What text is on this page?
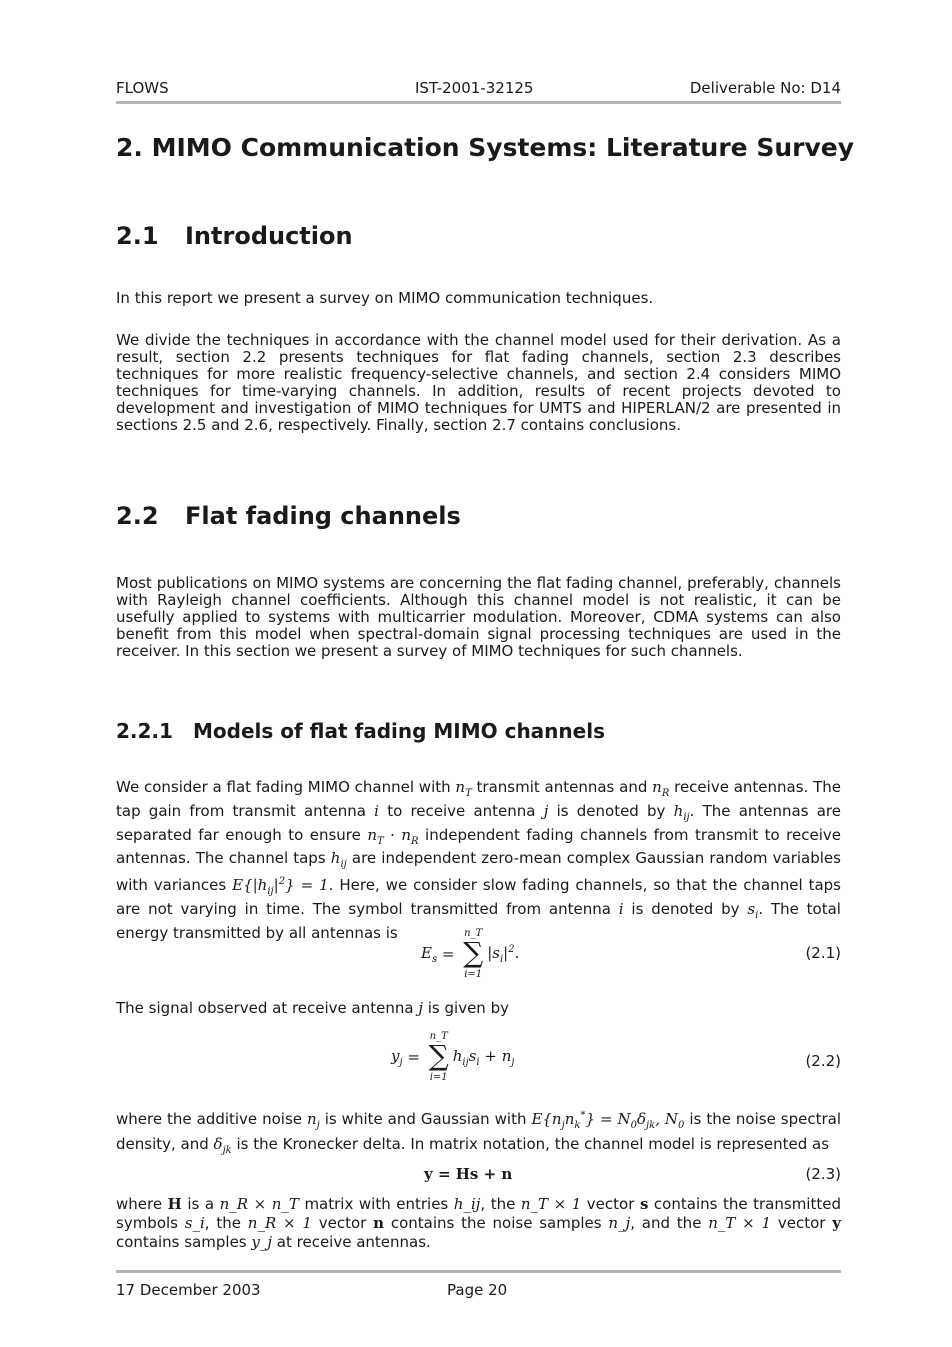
FLOWS	IST-2001-32125	Deliverable No: D14
2. MIMO Communication Systems: Literature Survey
2.1 Introduction

In this report we present a survey on MIMO communication techniques.

We divide the techniques in accordance with the channel model used for their derivation. As a result, section 2.2 presents techniques for flat fading channels, section 2.3 describes techniques for more realistic frequency-selective channels, and section 2.4 considers MIMO techniques for time-varying channels. In addition, results of recent projects devoted to development and investigation of MIMO techniques for UMTS and HIPERLAN/2 are presented in sections 2.5 and 2.6, respectively. Finally, section 2.7 contains conclusions.

2.2 Flat fading channels

Most publications on MIMO systems are concerning the flat fading channel, preferably, channels with Rayleigh channel coefficients. Although this channel model is not realistic, it can be usefully applied to systems with multicarrier modulation. Moreover, CDMA systems can also benefit from this model when spectral-domain signal processing techniques are used in the receiver. In this section we present a survey of MIMO techniques for such channels.

2.2.1 Models of flat fading MIMO channels

We consider a flat fading MIMO channel with $n_T$ transmit antennas and $n_R$ receive antennas. The tap gain from transmit antenna i to receive antenna j is denoted by $h_{ij}$. The antennas are separated far enough to ensure $n_T \cdot n_R$ independent fading channels from transmit to receive antennas. The channel taps $h_{ij}$ are independent zero-mean complex Gaussian random variables with variances $E\{|h_{ij}|^2\} = 1$. Here, we consider slow fading channels, so that the channel taps are not varying in time. The symbol transmitted from antenna i is denoted by $s_i$. The total energy transmitted by all antennas is

$E_s$ =
n_T
∑
i=1
$|s_i|^2$.	(2.1)

The signal observed at receive antenna j is given by

$y_j$ =
n_T
∑
i=1
$h_{ij}s_i + n_j$	(2.2)

where the additive noise $n_j$ is white and Gaussian with $E\{n_jn_k^*\} = N_0\delta_{jk}$, $N_0$ is the noise spectral density, and $\delta_{jk}$ is the Kronecker delta. In matrix notation, the channel model is represented as

y = Hs + n	(2.3)

where H is a n_R × n_T matrix with entries h_ij, the n_T × 1 vector s contains the transmitted symbols s_i, the n_R × 1 vector n contains the noise samples n_j, and the n_T × 1 vector y contains samples y_j at receive antennas.

17 December 2003	Page 20
